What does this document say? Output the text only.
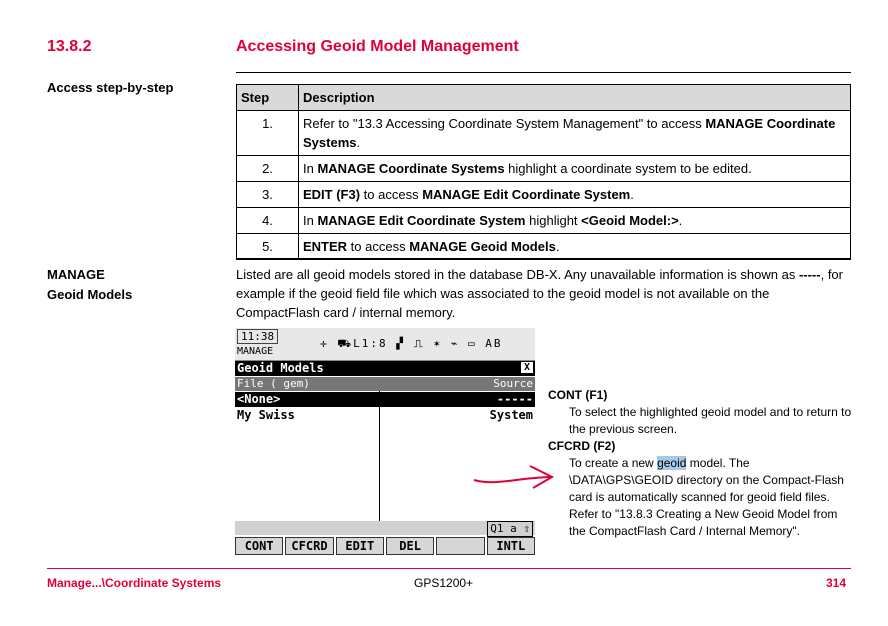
13.8.2	Accessing Geoid Model Management
Access step-by-step
Step	Description
1.	Refer to "13.3 Accessing Coordinate System Management" to access MANAGE Coordinate Systems.
2.	In MANAGE Coordinate Systems highlight a coordinate system to be edited.
3.	EDIT (F3) to access MANAGE Edit Coordinate System.
4.	In MANAGE Edit Coordinate System highlight <Geoid Model:>.
5.	ENTER to access MANAGE Geoid Models.
MANAGE
Geoid Models
Listed are all geoid models stored in the database DB-X. Any unavailable information is shown as -----, for example if the geoid field file which was associated to the geoid model is not available on the CompactFlash card / internal memory.
11:38
MANAGE
✛ ⛟L1:8 ▞ ⎍ ✶ ⌁ ▭ AB
Geoid Models	X
File ( gem)	Source
<None>	-----
My Swiss	System
Q1 a ⇧
CONT	CFCRD	EDIT	DEL	INTL
CONT (F1)
To select the highlighted geoid model and to return to the previous screen.
CFCRD (F2)
To create a new geoid model. The \DATA\GPS\GEOID directory on the Compact-Flash card is automatically scanned for geoid field files. Refer to "13.8.3 Creating a New Geoid Model from the CompactFlash Card / Internal Memory".
Manage...\Coordinate Systems	GPS1200+	314
